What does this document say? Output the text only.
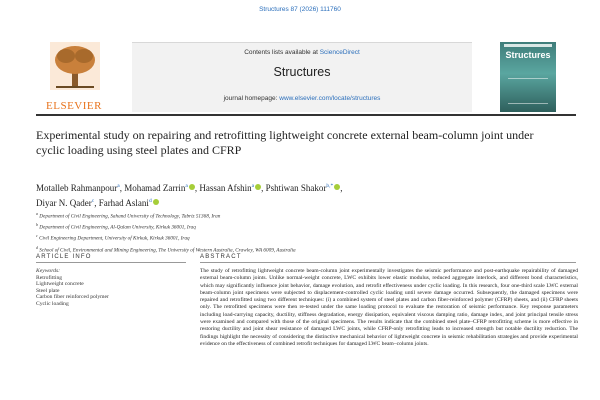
Structures 87 (2026) 111760
ELSEVIER
Contents lists available at ScienceDirect
Structures
journal homepage: www.elsevier.com/locate/structures
Structures
Experimental study on repairing and retrofitting lightweight concrete external beam-column joint under cyclic loading using steel plates and CFRP
Motalleb Rahmanpour$^a$, Mohamad Zarrin$^a$ , Hassan Afshin$^a$ , Pshtiwan Shakor$^{b,*}$ ,
Diyar N. Qader$^c$, Farhad Aslani$^d$
$^a$ Department of Civil Engineering, Sahand University of Technology, Tabriz 51368, Iran
$^b$ Department of Civil Engineering, Al-Qalam University, Kirkuk 36001, Iraq
$^c$ Civil Engineering Department, University of Kirkuk, Kirkuk 36001, Iraq
$^d$ School of Civil, Environmental and Mining Engineering, The University of Western Australia, Crawley, WA 6009, Australia
ARTICLE INFO	ABSTRACT
Keywords:
Retrofitting
Lightweight concrete
Steel plate
Carbon fiber reinforced polymer
Cyclic loading
The study of retrofitting lightweight concrete beam-column joint experimentally investigates the seismic performance and post-earthquake repairability of damaged external beam-column joints. Unlike normal-weight concrete, LWC exhibits lower elastic modulus, reduced aggregate interlock, and different bond characteristics, which may significantly influence joint behavior, damage evolution, and retrofit effectiveness under cyclic loading. In this research, four one-third scale LWC external beam-column joint specimens were subjected to displacement-controlled cyclic loading until severe damage occurred. Subsequently, the damaged specimens were repaired and retrofitted using two different techniques: (i) a combined system of steel plates and carbon fiber-reinforced polymer (CFRP) sheets, and (ii) CFRP sheets only. The retrofitted specimens were then re-tested under the same loading protocol to evaluate the restoration of seismic performance. Key response parameters including load-carrying capacity, ductility, stiffness degradation, energy dissipation, equivalent viscous damping ratio, damage index, and joint principal tensile stress were examined and compared with those of the original specimens. The results indicate that the combined steel plate–CFRP retrofitting scheme is more effective in restoring ductility and joint shear resistance of damaged LWC joints, while CFRP-only retrofitting leads to increased strength but notable ductility reduction. The findings highlight the necessity of considering the distinctive mechanical behavior of lightweight concrete in seismic rehabilitation strategies and provide experimental evidence on the effectiveness of combined retrofit techniques for damaged LWC beam–column joints.
